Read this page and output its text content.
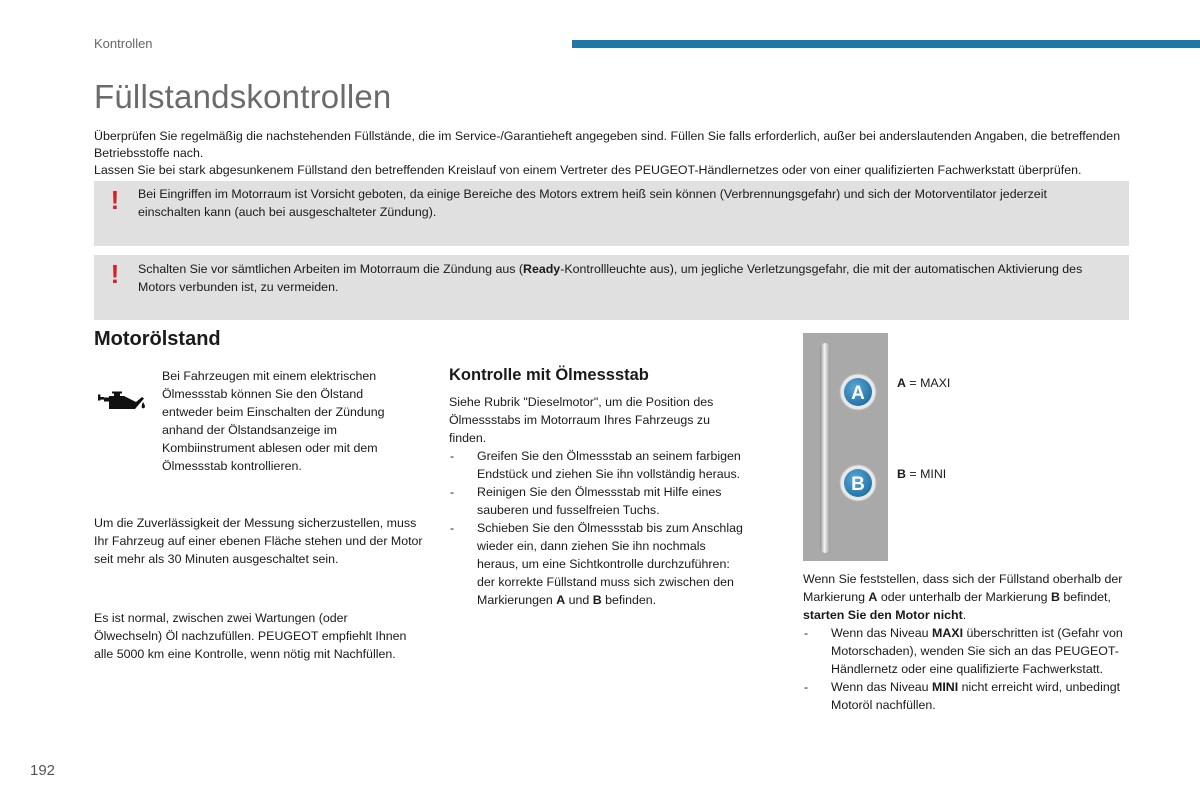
Kontrollen
Füllstandskontrollen

Überprüfen Sie regelmäßig die nachstehenden Füllstände, die im Service-/Garantieheft angegeben sind. Füllen Sie falls erforderlich, außer bei anderslautenden Angaben, die betreffenden Betriebsstoffe nach.

Lassen Sie bei stark abgesunkenem Füllstand den betreffenden Kreislauf von einem Vertreter des PEUGEOT-Händlernetzes oder von einer qualifizierten Fachwerkstatt überprüfen.

! Bei Eingriffen im Motorraum ist Vorsicht geboten, da einige Bereiche des Motors extrem heiß sein können (Verbrennungsgefahr) und sich der Motorventilator jederzeit einschalten kann (auch bei ausgeschalteter Zündung).
! Schalten Sie vor sämtlichen Arbeiten im Motorraum die Zündung aus (Ready-Kontrollleuchte aus), um jegliche Verletzungsgefahr, die mit der automatischen Aktivierung des Motors verbunden ist, zu vermeiden.
Motorölstand
Bei Fahrzeugen mit einem elektrischen Ölmessstab können Sie den Ölstand entweder beim Einschalten der Zündung anhand der Ölstandsanzeige im Kombiinstrument ablesen oder mit dem Ölmessstab kontrollieren.
Um die Zuverlässigkeit der Messung sicherzustellen, muss Ihr Fahrzeug auf einer ebenen Fläche stehen und der Motor seit mehr als 30 Minuten ausgeschaltet sein.
Es ist normal, zwischen zwei Wartungen (oder Ölwechseln) Öl nachzufüllen. PEUGEOT empfiehlt Ihnen alle 5000 km eine Kontrolle, wenn nötig mit Nachfüllen.
Kontrolle mit Ölmessstab

Siehe Rubrik "Dieselmotor", um die Position des Ölmessstabs im Motorraum Ihres Fahrzeugs zu finden.

- Greifen Sie den Ölmessstab an seinem farbigen Endstück und ziehen Sie ihn vollständig heraus.
- Reinigen Sie den Ölmessstab mit Hilfe eines sauberen und fusselfreien Tuchs.
- Schieben Sie den Ölmessstab bis zum Anschlag wieder ein, dann ziehen Sie ihn nochmals heraus, um eine Sichtkontrolle durchzuführen: der korrekte Füllstand muss sich zwischen den Markierungen A und B befinden.
A
B
A = MAXI
B = MINI

Wenn Sie feststellen, dass sich der Füllstand oberhalb der Markierung A oder unterhalb der Markierung B befindet, starten Sie den Motor nicht.

- Wenn das Niveau MAXI überschritten ist (Gefahr von Motorschaden), wenden Sie sich an das PEUGEOT-Händlernetz oder eine qualifizierte Fachwerkstatt.
- Wenn das Niveau MINI nicht erreicht wird, unbedingt Motoröl nachfüllen.
192
